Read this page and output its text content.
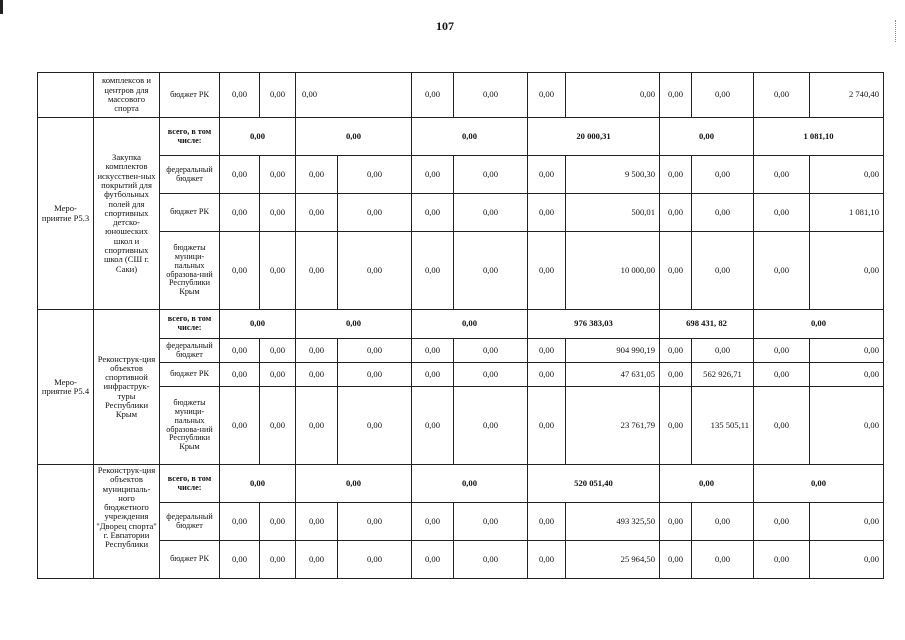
107
	комплексов и центров для массового спорта	бюджет РК	0,00	0,00	0,00		0,00	0,00	0,00	0,00	0,00	0,00	0,00	2 740,40
Меро-приятие Р5.3	Закупка комплектов искусствен-ных покрытий для футбольных полей для спортивных детско-юношеских школ и спортивных школ (СШ г. Саки)	всего, в том числе:	0,00		0,00		0,00		20 000,31		0,00		1 081,10	
		федеральный бюджет	0,00	0,00	0,00	0,00	0,00	0,00	0,00	9 500,30	0,00	0,00	0,00	0,00
		бюджет РК	0,00	0,00	0,00	0,00	0,00	0,00	0,00	500,01	0,00	0,00	0,00	1 081,10
		бюджеты муници-пальных образова-ний Республики Крым	0,00	0,00	0,00	0,00	0,00	0,00	0,00	10 000,00	0,00	0,00	0,00	0,00
Меро-приятие Р5.4	Реконструк-ция объектов спортивной инфраструк-туры Республики Крым	всего, в том числе:	0,00		0,00		0,00		976 383,03		698 431, 82		0,00	
		федеральный бюджет	0,00	0,00	0,00	0,00	0,00	0,00	0,00	904 990,19	0,00	0,00	0,00	0,00
		бюджет РК	0,00	0,00	0,00	0,00	0,00	0,00	0,00	47 631,05	0,00	562 926,71	0,00	0,00
		бюджеты муници-пальных образова-ний Республики Крым	0,00	0,00	0,00	0,00	0,00	0,00	0,00	23 761,79	0,00	135 505,11	0,00	0,00
	Реконструк-ция объектов муниципаль-ного бюджетного учреждения "Дворец спорта" г. Евпатории Республики	всего, в том числе:	0,00		0,00		0,00		520 051,40		0,00		0,00	
		федеральный бюджет	0,00	0,00	0,00	0,00	0,00	0,00	0,00	493 325,50	0,00	0,00	0,00	0,00
		бюджет РК	0,00	0,00	0,00	0,00	0,00	0,00	0,00	25 964,50	0,00	0,00	0,00	0,00
